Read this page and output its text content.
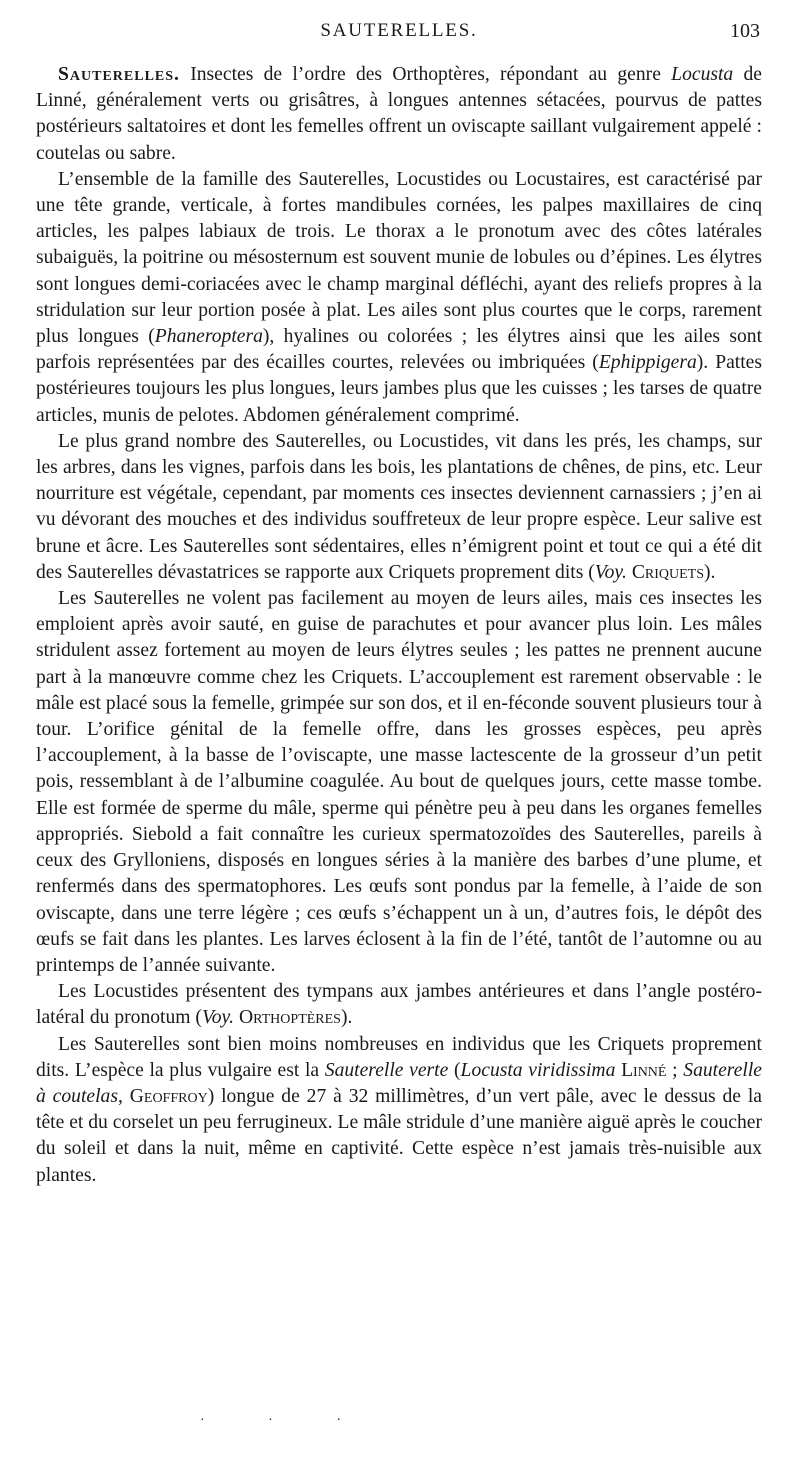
SAUTERELLES.	103

Sauterelles. Insectes de l’ordre des Orthoptères, répondant au genre Locusta de Linné, généralement verts ou grisâtres, à longues antennes sétacées, pourvus de pattes postérieurs saltatoires et dont les femelles offrent un oviscapte saillant vulgairement appelé : coutelas ou sabre.

L’ensemble de la famille des Sauterelles, Locustides ou Locustaires, est caractérisé par une tête grande, verticale, à fortes mandibules cornées, les palpes maxillaires de cinq articles, les palpes labiaux de trois. Le thorax a le pronotum avec des côtes latérales subaiguës, la poitrine ou mésosternum est souvent munie de lobules ou d’épines. Les élytres sont longues demi-coriacées avec le champ marginal défléchi, ayant des reliefs propres à la stridulation sur leur portion posée à plat. Les ailes sont plus courtes que le corps, rarement plus longues (Phaneroptera), hyalines ou colorées ; les élytres ainsi que les ailes sont parfois représentées par des écailles courtes, relevées ou imbriquées (Ephippigera). Pattes postérieures toujours les plus longues, leurs jambes plus que les cuisses ; les tarses de quatre articles, munis de pelotes. Abdomen généralement comprimé.

Le plus grand nombre des Sauterelles, ou Locustides, vit dans les prés, les champs, sur les arbres, dans les vignes, parfois dans les bois, les plantations de chênes, de pins, etc. Leur nourriture est végétale, cependant, par moments ces insectes deviennent carnassiers ; j’en ai vu dévorant des mouches et des individus souffreteux de leur propre espèce. Leur salive est brune et âcre. Les Sauterelles sont sédentaires, elles n’émigrent point et tout ce qui a été dit des Sauterelles dévastatrices se rapporte aux Criquets proprement dits (Voy. Criquets).

Les Sauterelles ne volent pas facilement au moyen de leurs ailes, mais ces insectes les emploient après avoir sauté, en guise de parachutes et pour avancer plus loin. Les mâles stridulent assez fortement au moyen de leurs élytres seules ; les pattes ne prennent aucune part à la manœuvre comme chez les Criquets. L’accouplement est rarement observable : le mâle est placé sous la femelle, grimpée sur son dos, et il en-féconde souvent plusieurs tour à tour. L’orifice génital de la femelle offre, dans les grosses espèces, peu après l’accouplement, à la basse de l’oviscapte, une masse lactescente de la grosseur d’un petit pois, ressemblant à de l’albumine coagulée. Au bout de quelques jours, cette masse tombe. Elle est formée de sperme du mâle, sperme qui pénètre peu à peu dans les organes femelles appropriés. Siebold a fait connaître les curieux spermatozoïdes des Sauterelles, pareils à ceux des Grylloniens, disposés en longues séries à la manière des barbes d’une plume, et renfermés dans des spermatophores. Les œufs sont pondus par la femelle, à l’aide de son oviscapte, dans une terre légère ; ces œufs s’échappent un à un, d’autres fois, le dépôt des œufs se fait dans les plantes. Les larves éclosent à la fin de l’été, tantôt de l’automne ou au printemps de l’année suivante.

Les Locustides présentent des tympans aux jambes antérieures et dans l’angle postéro-latéral du pronotum (Voy. Orthoptères).

Les Sauterelles sont bien moins nombreuses en individus que les Criquets proprement dits. L’espèce la plus vulgaire est la Sauterelle verte (Locusta viridissima Linné ; Sauterelle à coutelas, Geoffroy) longue de 27 à 32 millimètres, d’un vert pâle, avec le dessus de la tête et du corselet un peu ferrugineux. Le mâle stridule d’une manière aiguë après le coucher du soleil et dans la nuit, même en captivité. Cette espèce n’est jamais très-nuisible aux plantes.

· · ·
